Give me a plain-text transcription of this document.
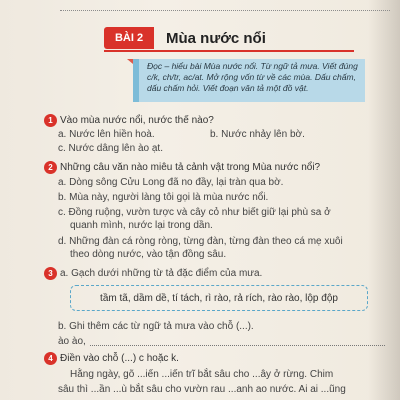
BÀI 2	Mùa nước nổi
Đọc – hiểu bài Mùa nước nổi. Từ ngữ tả mưa. Viết đúng c/k, ch/tr, ac/at. Mở rộng vốn từ về các mùa. Dấu chấm, dấu chấm hỏi. Viết đoạn văn tả một đồ vật.
1 Vào mùa nước nổi, nước thế nào?
a. Nước lên hiền hoà.	b. Nước nhảy lên bờ.
c. Nước dâng lên ào ạt.
2 Những câu văn nào miêu tả cảnh vật trong Mùa nước nổi?
a. Dòng sông Cửu Long đã no đầy, lại tràn qua bờ.
b. Mùa này, người làng tôi gọi là mùa nước nổi.
c. Đồng ruộng, vườn tược và cây cỏ như biết giữ lại phù sa ở
quanh mình, nước lại trong dần.
d. Những đàn cá ròng ròng, từng đàn, từng đàn theo cá mẹ xuôi
theo dòng nước, vào tận đồng sâu.
3 a. Gạch dưới những từ tả đặc điểm của mưa.
tầm tã, dầm dề, tí tách, rì rào, rả rích, rào rào, lộp độp
b. Ghi thêm các từ ngữ tả mưa vào chỗ (...).
ào ào,
4 Điền vào chỗ (...) c hoặc k.
Hằng ngày, gõ ...iến ...iến trĩ bắt sâu cho ...ây ở rừng. Chim
sâu thì ...ần ...ù bắt sâu cho vườn rau ...anh ao nước. Ai ai ...ũng
